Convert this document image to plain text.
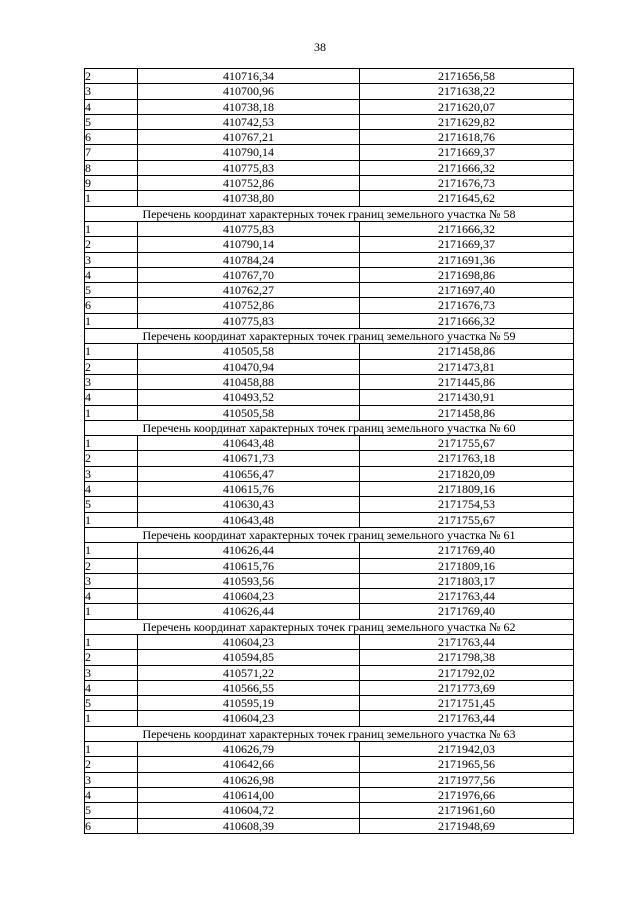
38
2	410716,34	2171656,58
3	410700,96	2171638,22
4	410738,18	2171620,07
5	410742,53	2171629,82
6	410767,21	2171618,76
7	410790,14	2171669,37
8	410775,83	2171666,32
9	410752,86	2171676,73
1	410738,80	2171645,62
Перечень координат характерных точек границ земельного участка № 58		
1	410775,83	2171666,32
2	410790,14	2171669,37
3	410784,24	2171691,36
4	410767,70	2171698,86
5	410762,27	2171697,40
6	410752,86	2171676,73
1	410775,83	2171666,32
Перечень координат характерных точек границ земельного участка № 59		
1	410505,58	2171458,86
2	410470,94	2171473,81
3	410458,88	2171445,86
4	410493,52	2171430,91
1	410505,58	2171458,86
Перечень координат характерных точек границ земельного участка № 60		
1	410643,48	2171755,67
2	410671,73	2171763,18
3	410656,47	2171820,09
4	410615,76	2171809,16
5	410630,43	2171754,53
1	410643,48	2171755,67
Перечень координат характерных точек границ земельного участка № 61		
1	410626,44	2171769,40
2	410615,76	2171809,16
3	410593,56	2171803,17
4	410604,23	2171763,44
1	410626,44	2171769,40
Перечень координат характерных точек границ земельного участка № 62		
1	410604,23	2171763,44
2	410594,85	2171798,38
3	410571,22	2171792,02
4	410566,55	2171773,69
5	410595,19	2171751,45
1	410604,23	2171763,44
Перечень координат характерных точек границ земельного участка № 63		
1	410626,79	2171942,03
2	410642,66	2171965,56
3	410626,98	2171977,56
4	410614,00	2171976,66
5	410604,72	2171961,60
6	410608,39	2171948,69
